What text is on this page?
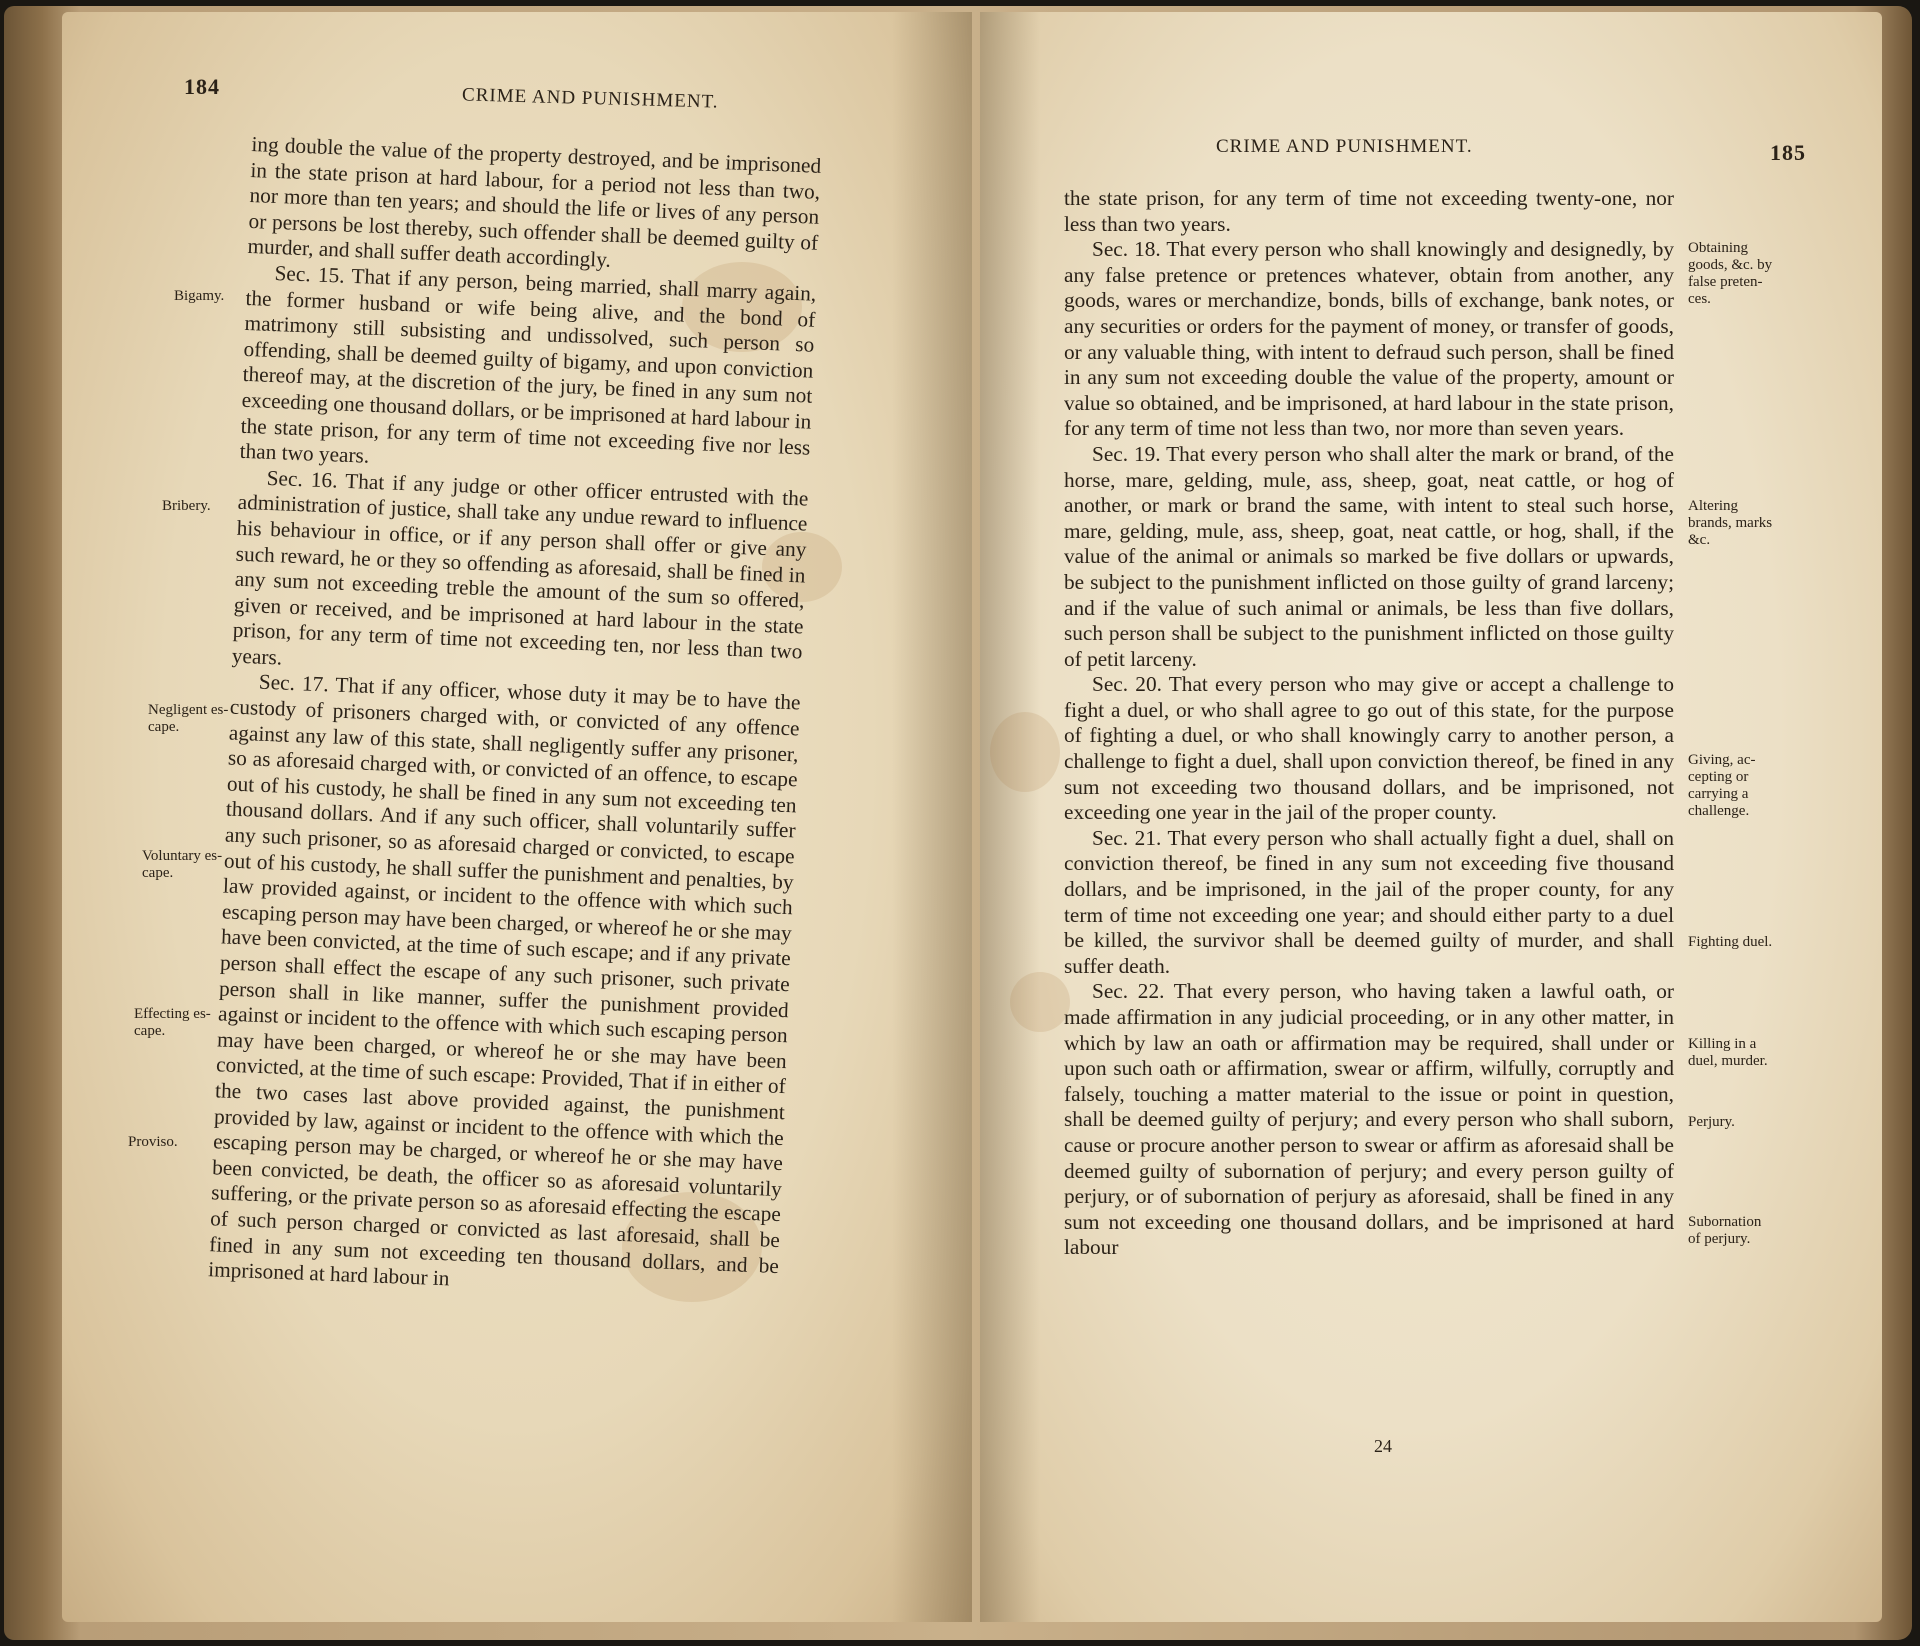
184	CRIME AND PUNISHMENT.

ing double the value of the property destroyed, and be imprisoned in the state prison at hard labour, for a period not less than two, nor more than ten years; and should the life or lives of any person or persons be lost thereby, such offender shall be deemed guilty of murder, and shall suffer death accordingly.

Sec. 15. That if any person, being married, shall marry again, the former husband or wife being alive, and the bond of matrimony still subsisting and undissolved, such person so offending, shall be deemed guilty of bigamy, and upon conviction thereof may, at the discretion of the jury, be fined in any sum not exceeding one thousand dollars, or be imprisoned at hard labour in the state prison, for any term of time not exceeding five nor less than two years.

Sec. 16. That if any judge or other officer entrusted with the administration of justice, shall take any undue reward to influence his behaviour in office, or if any person shall offer or give any such reward, he or they so offending as aforesaid, shall be fined in any sum not exceeding treble the amount of the sum so offered, given or received, and be imprisoned at hard labour in the state prison, for any term of time not exceeding ten, nor less than two years.

Sec. 17. That if any officer, whose duty it may be to have the custody of prisoners charged with, or convicted of any offence against any law of this state, shall negligently suffer any prisoner, so as aforesaid charged with, or convicted of an offence, to escape out of his custody, he shall be fined in any sum not exceeding ten thousand dollars. And if any such officer, shall voluntarily suffer any such prisoner, so as aforesaid charged or convicted, to escape out of his custody, he shall suffer the punishment and penalties, by law provided against, or incident to the offence with which such escaping person may have been charged, or whereof he or she may have been convicted, at the time of such escape; and if any private person shall effect the escape of any such prisoner, such private person shall in like manner, suffer the punishment provided against or incident to the offence with which such escaping person may have been charged, or whereof he or she may have been convicted, at the time of such escape: Provided, That if in either of the two cases last above provided against, the punishment provided by law, against or incident to the offence with which the escaping person may be charged, or whereof he or she may have been convicted, be death, the officer so as aforesaid voluntarily suffering, or the private person so as aforesaid effecting the escape of such person charged or convicted as last aforesaid, shall be fined in any sum not exceeding ten thousand dollars, and be imprisoned at hard labour in

Bigamy.
Bribery.
Negligent es-
cape.
Voluntary es-
cape.
Effecting es-
cape.
Proviso.
CRIME AND PUNISHMENT.	185

the state prison, for any term of time not exceeding twenty-one, nor less than two years.

Sec. 18. That every person who shall knowingly and designedly, by any false pretence or pretences whatever, obtain from another, any goods, wares or merchandize, bonds, bills of exchange, bank notes, or any securities or orders for the payment of money, or transfer of goods, or any valuable thing, with intent to defraud such person, shall be fined in any sum not exceeding double the value of the property, amount or value so obtained, and be imprisoned, at hard labour in the state prison, for any term of time not less than two, nor more than seven years.

Sec. 19. That every person who shall alter the mark or brand, of the horse, mare, gelding, mule, ass, sheep, goat, neat cattle, or hog of another, or mark or brand the same, with intent to steal such horse, mare, gelding, mule, ass, sheep, goat, neat cattle, or hog, shall, if the value of the animal or animals so marked be five dollars or upwards, be subject to the punishment inflicted on those guilty of grand larceny; and if the value of such animal or animals, be less than five dollars, such person shall be subject to the punishment inflicted on those guilty of petit larceny.

Sec. 20. That every person who may give or accept a challenge to fight a duel, or who shall agree to go out of this state, for the purpose of fighting a duel, or who shall knowingly carry to another person, a challenge to fight a duel, shall upon conviction thereof, be fined in any sum not exceeding two thousand dollars, and be imprisoned, not exceeding one year in the jail of the proper county.

Sec. 21. That every person who shall actually fight a duel, shall on conviction thereof, be fined in any sum not exceeding five thousand dollars, and be imprisoned, in the jail of the proper county, for any term of time not exceeding one year; and should either party to a duel be killed, the survivor shall be deemed guilty of murder, and shall suffer death.

Sec. 22. That every person, who having taken a lawful oath, or made affirmation in any judicial proceeding, or in any other matter, in which by law an oath or affirmation may be required, shall under or upon such oath or affirmation, swear or affirm, wilfully, corruptly and falsely, touching a matter material to the issue or point in question, shall be deemed guilty of perjury; and every person who shall suborn, cause or procure another person to swear or affirm as aforesaid shall be deemed guilty of subornation of perjury; and every person guilty of perjury, or of subornation of perjury as aforesaid, shall be fined in any sum not exceeding one thousand dollars, and be imprisoned at hard labour

Obtaining
goods, &c. by
false preten-
ces.
Altering
brands, marks
&c.
Giving, ac-
cepting or
carrying a
challenge.
Fighting duel.
Killing in a
duel, murder.
Perjury.
Subornation
of perjury.
24
